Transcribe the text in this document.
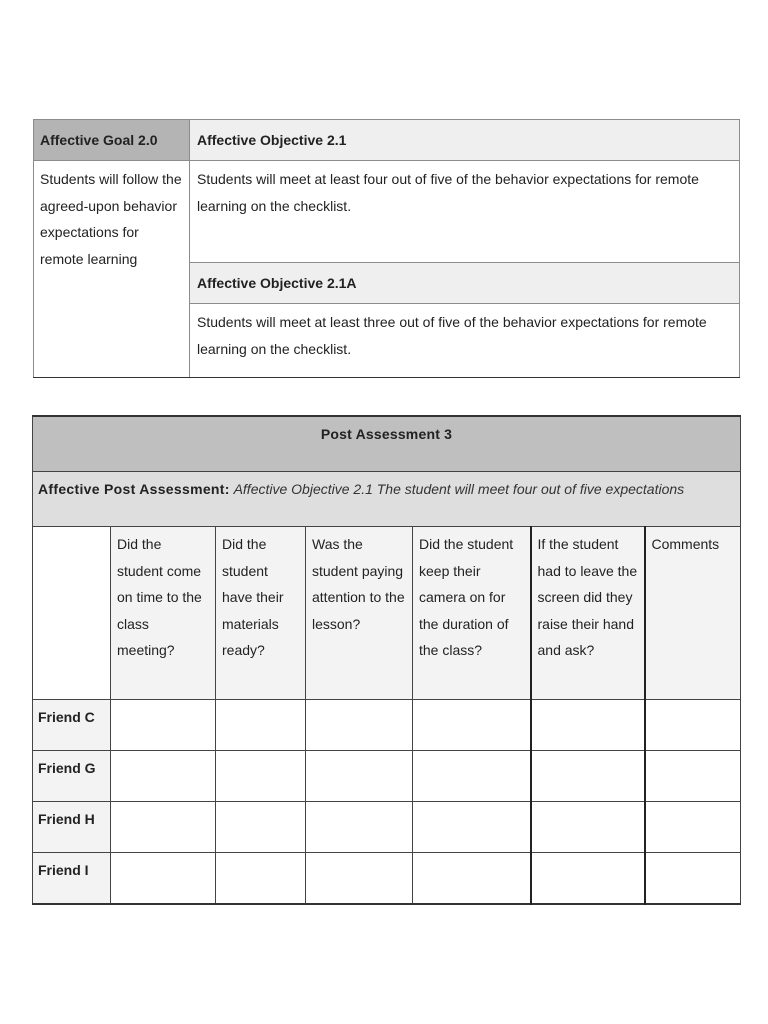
Affective Goal 2.0	Affective Objective 2.1
Students will follow the agreed-upon behavior expectations for remote learning	Students will meet at least four out of five of the behavior expectations for remote learning on the checklist.
	Affective Objective 2.1A
	Students will meet at least three out of five of the behavior expectations for remote learning on the checklist.
Post Assessment 3						
Affective Post Assessment: Affective Objective 2.1 The student will meet four out of five expectations						
	Did the student come on time to the class meeting?	Did the student have their materials ready?	Was the student paying attention to the lesson?	Did the student keep their camera on for the duration of the class?	If the student had to leave the screen did they raise their hand and ask?	Comments
Friend C						
Friend G						
Friend H						
Friend I						
